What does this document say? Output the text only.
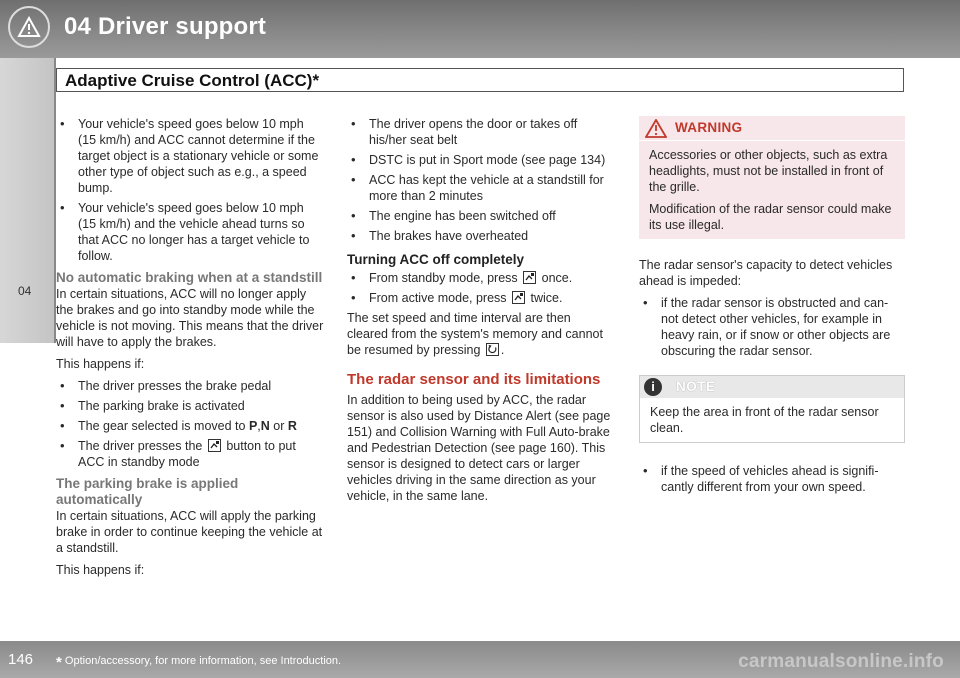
04 Driver support
Adaptive Cruise Control (ACC)*
04
• Your vehicle's speed goes below 10 mph (15 km/h) and ACC cannot determine if the target object is a stationary vehicle or some other type of object such as e.g., a speed bump.
• Your vehicle's speed goes below 10 mph (15 km/h) and the vehicle ahead turns so that ACC no longer has a target vehicle to follow.
No automatic braking when at a standstill

In certain situations, ACC will no longer apply the brakes and go into standby mode while the vehicle is not moving. This means that the driver will have to apply the brakes.

This happens if:

• The driver presses the brake pedal
• The parking brake is activated
• The gear selected is moved to P,N or R
• The driver presses the button to put ACC in standby mode
The parking brake is applied automatically

In certain situations, ACC will apply the parking brake in order to continue keeping the vehicle at a standstill.

This happens if:

• The driver opens the door or takes off his/her seat belt
• DSTC is put in Sport mode (see page 134)
• ACC has kept the vehicle at a standstill for more than 2 minutes
• The engine has been switched off
• The brakes have overheated
Turning ACC off completely
• From standby mode, press once.
• From active mode, press twice.

The set speed and time interval are then cleared from the system's memory and cannot be resumed by pressing .

The radar sensor and its limitations

In addition to being used by ACC, the radar sensor is also used by Distance Alert (see page 151) and Collision Warning with Full Auto-brake and Pedestrian Detection (see page 160). This sensor is designed to detect cars or larger vehicles driving in the same direction as your vehicle, in the same lane.

WARNING

Accessories or other objects, such as extra headlights, must not be installed in front of the grille.

Modification of the radar sensor could make its use illegal.

The radar sensor's capacity to detect vehicles ahead is impeded:

• if the radar sensor is obstructed and can-not detect other vehicles, for example in heavy rain, or if snow or other objects are obscuring the radar sensor.
i	NOTE
Keep the area in front of the radar sensor clean.
• if the speed of vehicles ahead is signifi-cantly different from your own speed.
146 * Option/accessory, for more information, see Introduction.	carmanualsonline.info
